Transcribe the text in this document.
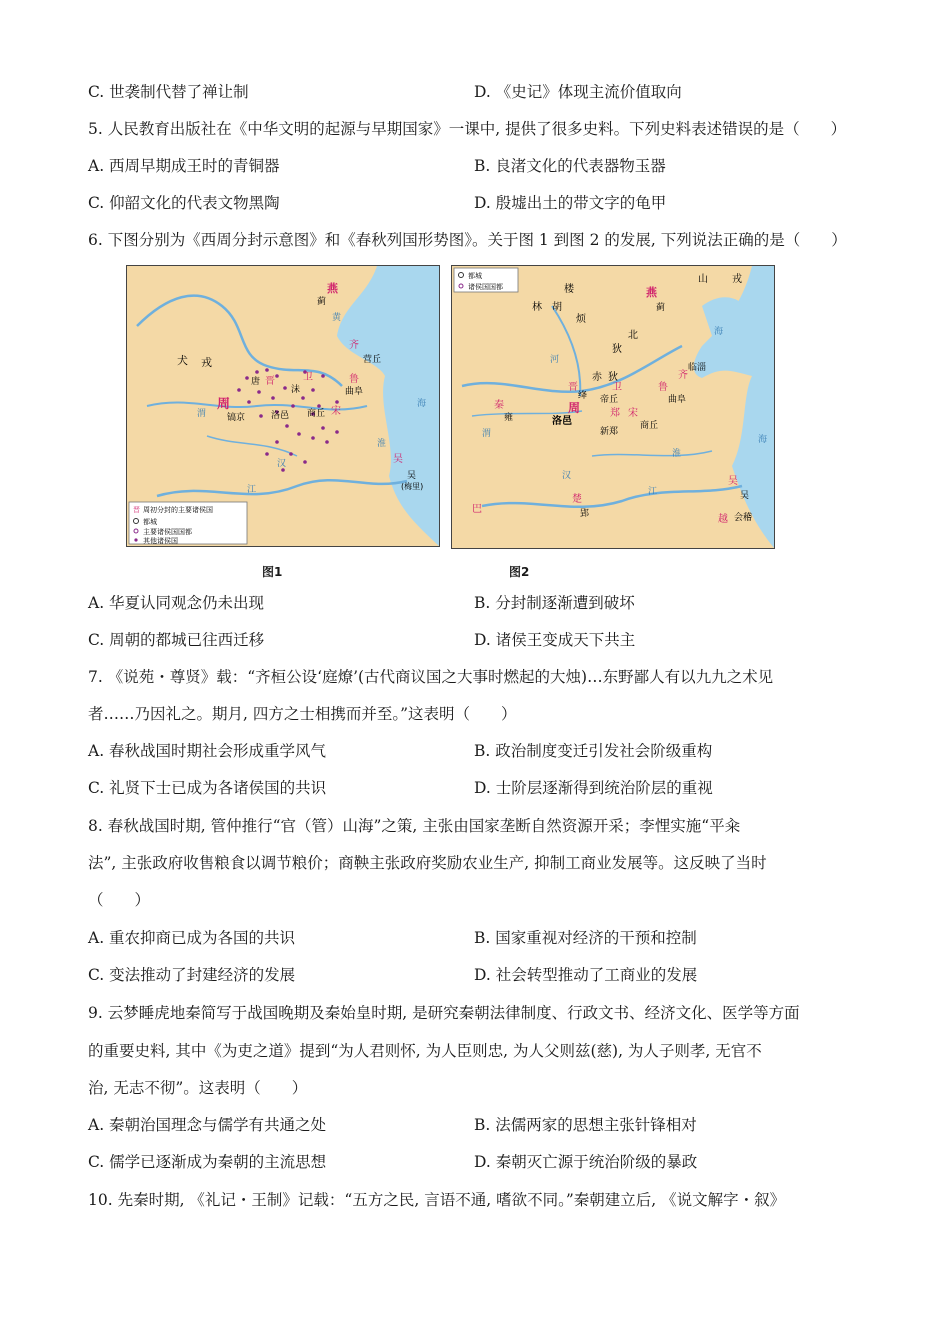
C. 世袭制代替了禅让制	D. 《史记》体现主流价值取向
5. 人民教育出版社在《中华文明的起源与早期国家》一课中, 提供了很多史料。下列史料表述错误的是（　　）
A. 西周早期成王时的青铜器	B. 良渚文化的代表器物玉器
C. 仰韶文化的代表文物黑陶	D. 殷墟出土的带文字的龟甲
6. 下图分别为《西周分封示意图》和《春秋列国形势图》。关于图 1 到图 2 的发展, 下列说法正确的是（　　）
燕
蓟
犬 戎
齐
营丘
周
镐京
唐 晋	卫
沬
鲁
曲阜
洛邑 商丘 宋
吴
吴
(梅里)
黄
淮
汉
江
海
渭
晋 周初分封的主要诸侯国
都城
主要诸侯国国都
其他诸侯国
图1
山 戎
楼
林 胡
烦
燕
蓟
北
狄
赤 狄
晋
绛
卫
帝丘
齐
临淄
鲁
曲阜
秦
雍
周
洛邑
郑
新郑
宋
商丘
楚
郢
巴
吴
吴
越 会稽
海
海
河
江
汉
淮
渭
都城
诸侯国国都
图2
A. 华夏认同观念仍未出现	B. 分封制逐渐遭到破坏
C. 周朝的都城已往西迁移	D. 诸侯王变成天下共主
7. 《说苑・尊贤》载：“齐桓公设‘庭燎’(古代商议国之大事时燃起的大烛)…东野鄙人有以九九之术见
者……乃因礼之。期月, 四方之士相携而并至。”这表明（　　）
A. 春秋战国时期社会形成重学风气	B. 政治制度变迁引发社会阶级重构
C. 礼贤下士已成为各诸侯国的共识	D. 士阶层逐渐得到统治阶层的重视
8. 春秋战国时期, 管仲推行“官（管）山海”之策, 主张由国家垄断自然资源开采；李悝实施“平籴
法”, 主张政府收售粮食以调节粮价；商鞅主张政府奖励农业生产, 抑制工商业发展等。这反映了当时
（　　）
A. 重农抑商已成为各国的共识	B. 国家重视对经济的干预和控制
C. 变法推动了封建经济的发展	D. 社会转型推动了工商业的发展
9. 云梦睡虎地秦简写于战国晚期及秦始皇时期, 是研究秦朝法律制度、行政文书、经济文化、医学等方面
的重要史料, 其中《为吏之道》提到“为人君则怀, 为人臣则忠, 为人父则兹(慈), 为人子则孝, 无官不
治, 无志不彻”。这表明（　　）
A. 秦朝治国理念与儒学有共通之处	B. 法儒两家的思想主张针锋相对
C. 儒学已逐渐成为秦朝的主流思想	D. 秦朝灭亡源于统治阶级的暴政
10. 先秦时期, 《礼记・王制》记载：“五方之民, 言语不通, 嗜欲不同。”秦朝建立后, 《说文解字・叙》
